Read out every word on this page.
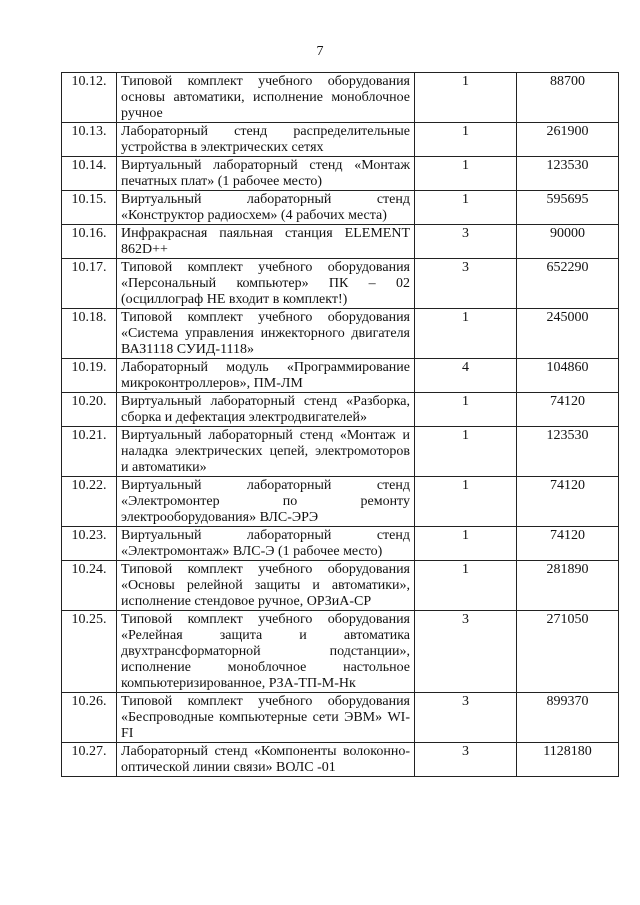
7
10.12.	Типовой комплект учебного оборудования основы автоматики, исполнение моноблочное ручное	1	88700
10.13.	Лабораторный стенд распределительные устройства в электрических сетях	1	261900
10.14.	Виртуальный лабораторный стенд «Монтаж печатных плат» (1 рабочее место)	1	123530
10.15.	Виртуальный лабораторный стенд «Конструктор радиосхем» (4 рабочих места)	1	595695
10.16.	Инфракрасная паяльная станция ELEMENT 862D++	3	90000
10.17.	Типовой комплект учебного оборудования «Персональный компьютер» ПК – 02 (осциллограф НЕ входит в комплект!)	3	652290
10.18.	Типовой комплект учебного оборудования «Система управления инжекторного двигателя ВАЗ1118 СУИД-1118»	1	245000
10.19.	Лабораторный модуль «Программирование микроконтроллеров», ПМ-ЛМ	4	104860
10.20.	Виртуальный лабораторный стенд «Разборка, сборка и дефектация электродвигателей»	1	74120
10.21.	Виртуальный лабораторный стенд «Монтаж и наладка электрических цепей, электромоторов и автоматики»	1	123530
10.22.	Виртуальный лабораторный стенд «Электромонтер по ремонту электрооборудования» ВЛС-ЭРЭ	1	74120
10.23.	Виртуальный лабораторный стенд «Электромонтаж» ВЛС-Э (1 рабочее место)	1	74120
10.24.	Типовой комплект учебного оборудования «Основы релейной защиты и автоматики», исполнение стендовое ручное, ОРЗиА-СР	1	281890
10.25.	Типовой комплект учебного оборудования «Релейная защита и автоматика двухтрансформаторной подстанции», исполнение моноблочное настольное компьютеризированное, РЗА-ТП-М-Нк	3	271050
10.26.	Типовой комплект учебного оборудования «Беспроводные компьютерные сети ЭВМ» WI-FI	3	899370
10.27.	Лабораторный стенд «Компоненты волоконно-оптической линии связи» ВОЛС -01	3	1128180
